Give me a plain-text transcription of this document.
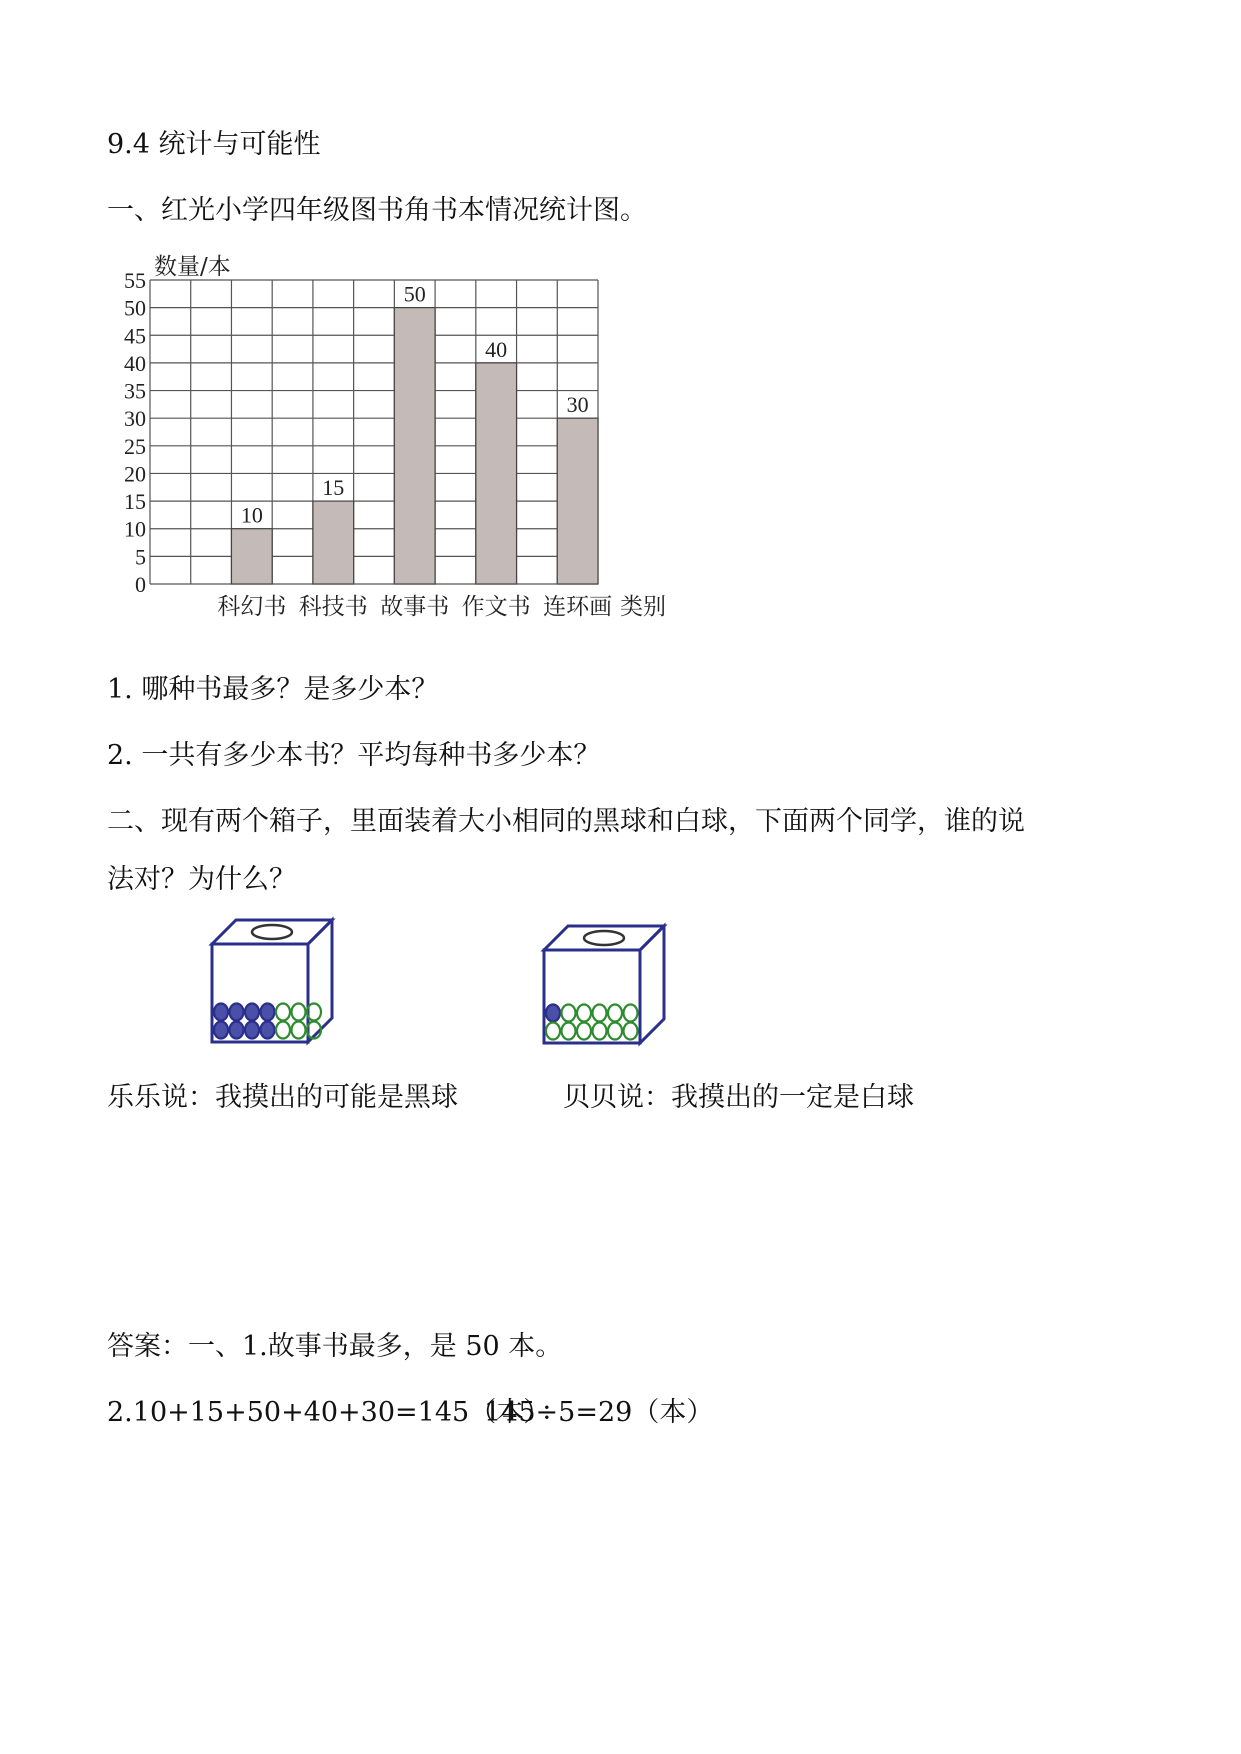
9.4 统计与可能性
一、红光小学四年级图书角书本情况统计图。
0
5
10
15
20
25
30
35
40
45
50
55
数量/本
10
科幻书
15
科技书
50
故事书
40
作文书
30
连环画 类别
1. 哪种书最多？是多少本？
2. 一共有多少本书？平均每种书多少本？
二、现有两个箱子，里面装着大小相同的黑球和白球，下面两个同学，谁的说
法对？为什么？
乐乐说：我摸出的可能是黑球	贝贝说：我摸出的一定是白球
答案：一、1.故事书最多，是 50 本。
2.10+15+50+40+30=145（本）
145÷5=29（本）
